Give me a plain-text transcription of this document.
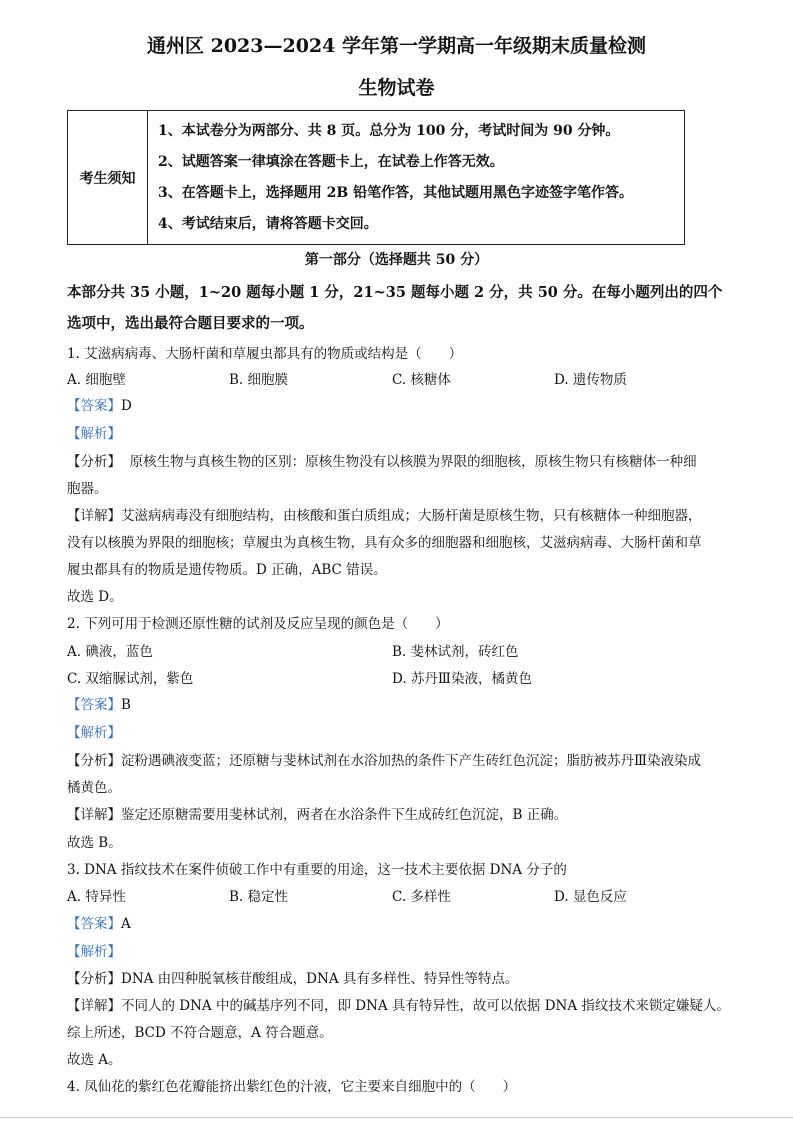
通州区 2023—2024 学年第一学期高一年级期末质量检测
生物试卷
考生须知
1、本试卷分为两部分、共 8 页。总分为 100 分，考试时间为 90 分钟。
2、试题答案一律填涂在答题卡上，在试卷上作答无效。
3、在答题卡上，选择题用 2B 铅笔作答，其他试题用黑色字迹签字笔作答。
4、考试结束后，请将答题卡交回。
第一部分（选择题共 50 分）
本部分共 35 小题，1~20 题每小题 1 分，21~35 题每小题 2 分，共 50 分。在每小题列出的四个
选项中，选出最符合题目要求的一项。
1. 艾滋病病毒、大肠杆菌和草履虫都具有的物质或结构是（　　）
A. 细胞壁	B. 细胞膜	C. 核糖体	D. 遗传物质
【答案】D
【解析】
【分析】 原核生物与真核生物的区别：原核生物没有以核膜为界限的细胞核，原核生物只有核糖体一种细
胞器。
【详解】艾滋病病毒没有细胞结构，由核酸和蛋白质组成；大肠杆菌是原核生物，只有核糖体一种细胞器，
没有以核膜为界限的细胞核；草履虫为真核生物，具有众多的细胞器和细胞核，艾滋病病毒、大肠杆菌和草
履虫都具有的物质是遗传物质。D 正确，ABC 错误。
故选 D。
2. 下列可用于检测还原性糖的试剂及反应呈现的颜色是（　　）
A. 碘液，蓝色	B. 斐林试剂，砖红色
C. 双缩脲试剂，紫色	D. 苏丹Ⅲ染液，橘黄色
【答案】B
【解析】
【分析】淀粉遇碘液变蓝；还原糖与斐林试剂在水浴加热的条件下产生砖红色沉淀；脂肪被苏丹Ⅲ染液染成
橘黄色。
【详解】鉴定还原糖需要用斐林试剂，两者在水浴条件下生成砖红色沉淀，B 正确。
故选 B。
3. DNA 指纹技术在案件侦破工作中有重要的用途，这一技术主要依据 DNA 分子的
A. 特异性	B. 稳定性	C. 多样性	D. 显色反应
【答案】A
【解析】
【分析】DNA 由四种脱氧核苷酸组成，DNA 具有多样性、特异性等特点。
【详解】不同人的 DNA 中的碱基序列不同，即 DNA 具有特异性，故可以依据 DNA 指纹技术来锁定嫌疑人。
综上所述，BCD 不符合题意，A 符合题意。
故选 A。
4. 凤仙花的紫红色花瓣能挤出紫红色的汁液，它主要来自细胞中的（　　）
